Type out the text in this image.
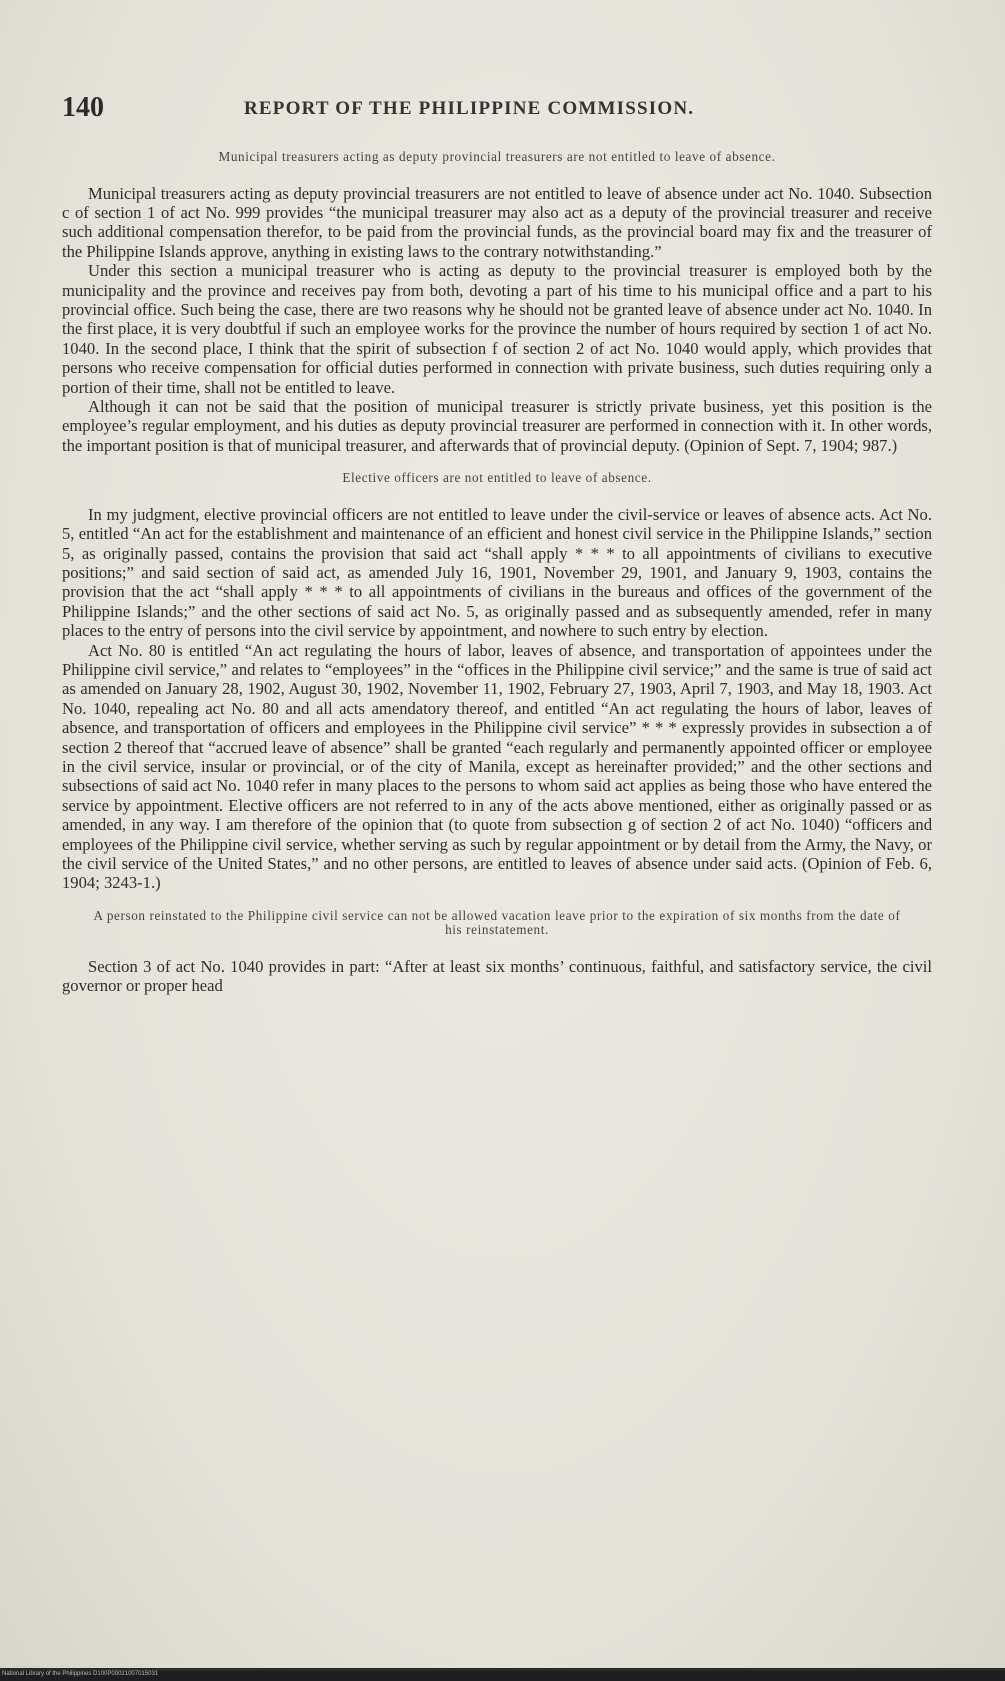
140	REPORT OF THE PHILIPPINE COMMISSION.
Municipal treasurers acting as deputy provincial treasurers are not entitled to leave of absence.

Municipal treasurers acting as deputy provincial treasurers are not entitled to leave of absence under act No. 1040. Subsection c of section 1 of act No. 999 provides “the municipal treasurer may also act as a deputy of the provincial treasurer and receive such additional compensation therefor, to be paid from the provincial funds, as the provincial board may fix and the treasurer of the Philippine Islands approve, anything in existing laws to the contrary notwithstanding.”

Under this section a municipal treasurer who is acting as deputy to the provincial treasurer is employed both by the municipality and the province and receives pay from both, devoting a part of his time to his municipal office and a part to his provincial office. Such being the case, there are two reasons why he should not be granted leave of absence under act No. 1040. In the first place, it is very doubtful if such an employee works for the province the number of hours required by section 1 of act No. 1040. In the second place, I think that the spirit of subsection f of section 2 of act No. 1040 would apply, which provides that persons who receive compensation for official duties performed in connection with private business, such duties requiring only a portion of their time, shall not be entitled to leave.

Although it can not be said that the position of municipal treasurer is strictly private business, yet this position is the employee’s regular employment, and his duties as deputy provincial treasurer are performed in connection with it. In other words, the important position is that of municipal treasurer, and afterwards that of provincial deputy. (Opinion of Sept. 7, 1904; 987.)

Elective officers are not entitled to leave of absence.

In my judgment, elective provincial officers are not entitled to leave under the civil-service or leaves of absence acts. Act No. 5, entitled “An act for the establishment and maintenance of an efficient and honest civil service in the Philippine Islands,” section 5, as originally passed, contains the provision that said act “shall apply * * * to all appointments of civilians to executive positions;” and said section of said act, as amended July 16, 1901, November 29, 1901, and January 9, 1903, contains the provision that the act “shall apply * * * to all appointments of civilians in the bureaus and offices of the government of the Philippine Islands;” and the other sections of said act No. 5, as originally passed and as subsequently amended, refer in many places to the entry of persons into the civil service by appointment, and nowhere to such entry by election.

Act No. 80 is entitled “An act regulating the hours of labor, leaves of absence, and transportation of appointees under the Philippine civil service,” and relates to “employees” in the “offices in the Philippine civil service;” and the same is true of said act as amended on January 28, 1902, August 30, 1902, November 11, 1902, February 27, 1903, April 7, 1903, and May 18, 1903. Act No. 1040, repealing act No. 80 and all acts amendatory thereof, and entitled “An act regulating the hours of labor, leaves of absence, and transportation of officers and employees in the Philippine civil service” * * * expressly provides in subsection a of section 2 thereof that “accrued leave of absence” shall be granted “each regularly and permanently appointed officer or employee in the civil service, insular or provincial, or of the city of Manila, except as hereinafter provided;” and the other sections and subsections of said act No. 1040 refer in many places to the persons to whom said act applies as being those who have entered the service by appointment. Elective officers are not referred to in any of the acts above mentioned, either as originally passed or as amended, in any way. I am therefore of the opinion that (to quote from subsection g of section 2 of act No. 1040) “officers and employees of the Philippine civil service, whether serving as such by regular appointment or by detail from the Army, the Navy, or the civil service of the United States,” and no other persons, are entitled to leaves of absence under said acts. (Opinion of Feb. 6, 1904; 3243-1.)

A person reinstated to the Philippine civil service can not be allowed vacation leave prior to the expiration of six months from the date of his reinstatement.

Section 3 of act No. 1040 provides in part: “After at least six months’ continuous, faithful, and satisfactory service, the civil governor or proper head

National Library of the Philippines D100P00021007015031
